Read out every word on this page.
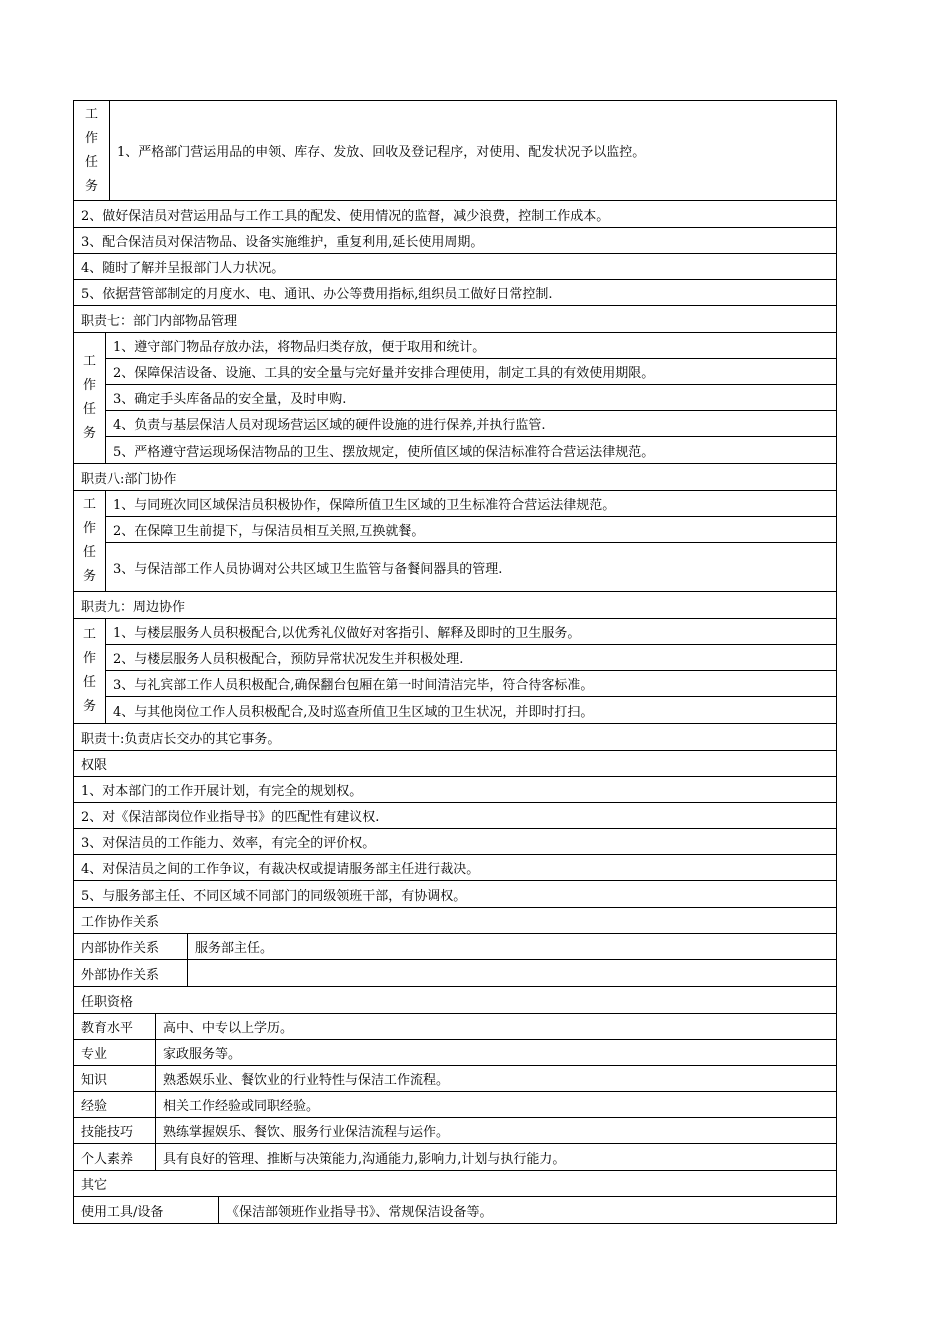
工
作
任
务
1、严格部门营运用品的申领、库存、发放、回收及登记程序，对使用、配发状况予以监控。
2、做好保洁员对营运用品与工作工具的配发、使用情况的监督，减少浪费，控制工作成本。
3、配合保洁员对保洁物品、设备实施维护，重复利用,延长使用周期。
4、随时了解并呈报部门人力状况。
5、依据营管部制定的月度水、电、通讯、办公等费用指标,组织员工做好日常控制.
职责七：部门内部物品管理
工
作
任
务
1、遵守部门物品存放办法，将物品归类存放，便于取用和统计。
2、保障保洁设备、设施、工具的安全量与完好量并安排合理使用，制定工具的有效使用期限。
3、确定手头库备品的安全量，及时申购.
4、负责与基层保洁人员对现场营运区域的硬件设施的进行保养,并执行监管.
5、严格遵守营运现场保洁物品的卫生、摆放规定，使所值区域的保洁标准符合营运法律规范。
职责八:部门协作
工
作
任
务
1、与同班次同区域保洁员积极协作，保障所值卫生区域的卫生标准符合营运法律规范。
2、在保障卫生前提下，与保洁员相互关照,互换就餐。
3、与保洁部工作人员协调对公共区域卫生监管与备餐间器具的管理.
职责九：周边协作
工
作
任
务
1、与楼层服务人员积极配合,以优秀礼仪做好对客指引、解释及即时的卫生服务。
2、与楼层服务人员积极配合，预防异常状况发生并积极处理.
3、与礼宾部工作人员积极配合,确保翻台包厢在第一时间清洁完毕，符合待客标准。
4、与其他岗位工作人员积极配合,及时巡查所值卫生区域的卫生状况，并即时打扫。
职责十:负责店长交办的其它事务。
权限
1、对本部门的工作开展计划，有完全的规划权。
2、对《保洁部岗位作业指导书》的匹配性有建议权.
3、对保洁员的工作能力、效率，有完全的评价权。
4、对保洁员之间的工作争议，有裁决权或提请服务部主任进行裁决。
5、与服务部主任、不同区域不同部门的同级领班干部，有协调权。
工作协作关系
内部协作关系	服务部主任。
外部协作关系
任职资格
教育水平	高中、中专以上学历。
专业	家政服务等。
知识	熟悉娱乐业、餐饮业的行业特性与保洁工作流程。
经验	相关工作经验或同职经验。
技能技巧	熟练掌握娱乐、餐饮、服务行业保洁流程与运作。
个人素养	具有良好的管理、推断与决策能力,沟通能力,影响力,计划与执行能力。
其它
使用工具/设备	《保洁部领班作业指导书》、常规保洁设备等。
